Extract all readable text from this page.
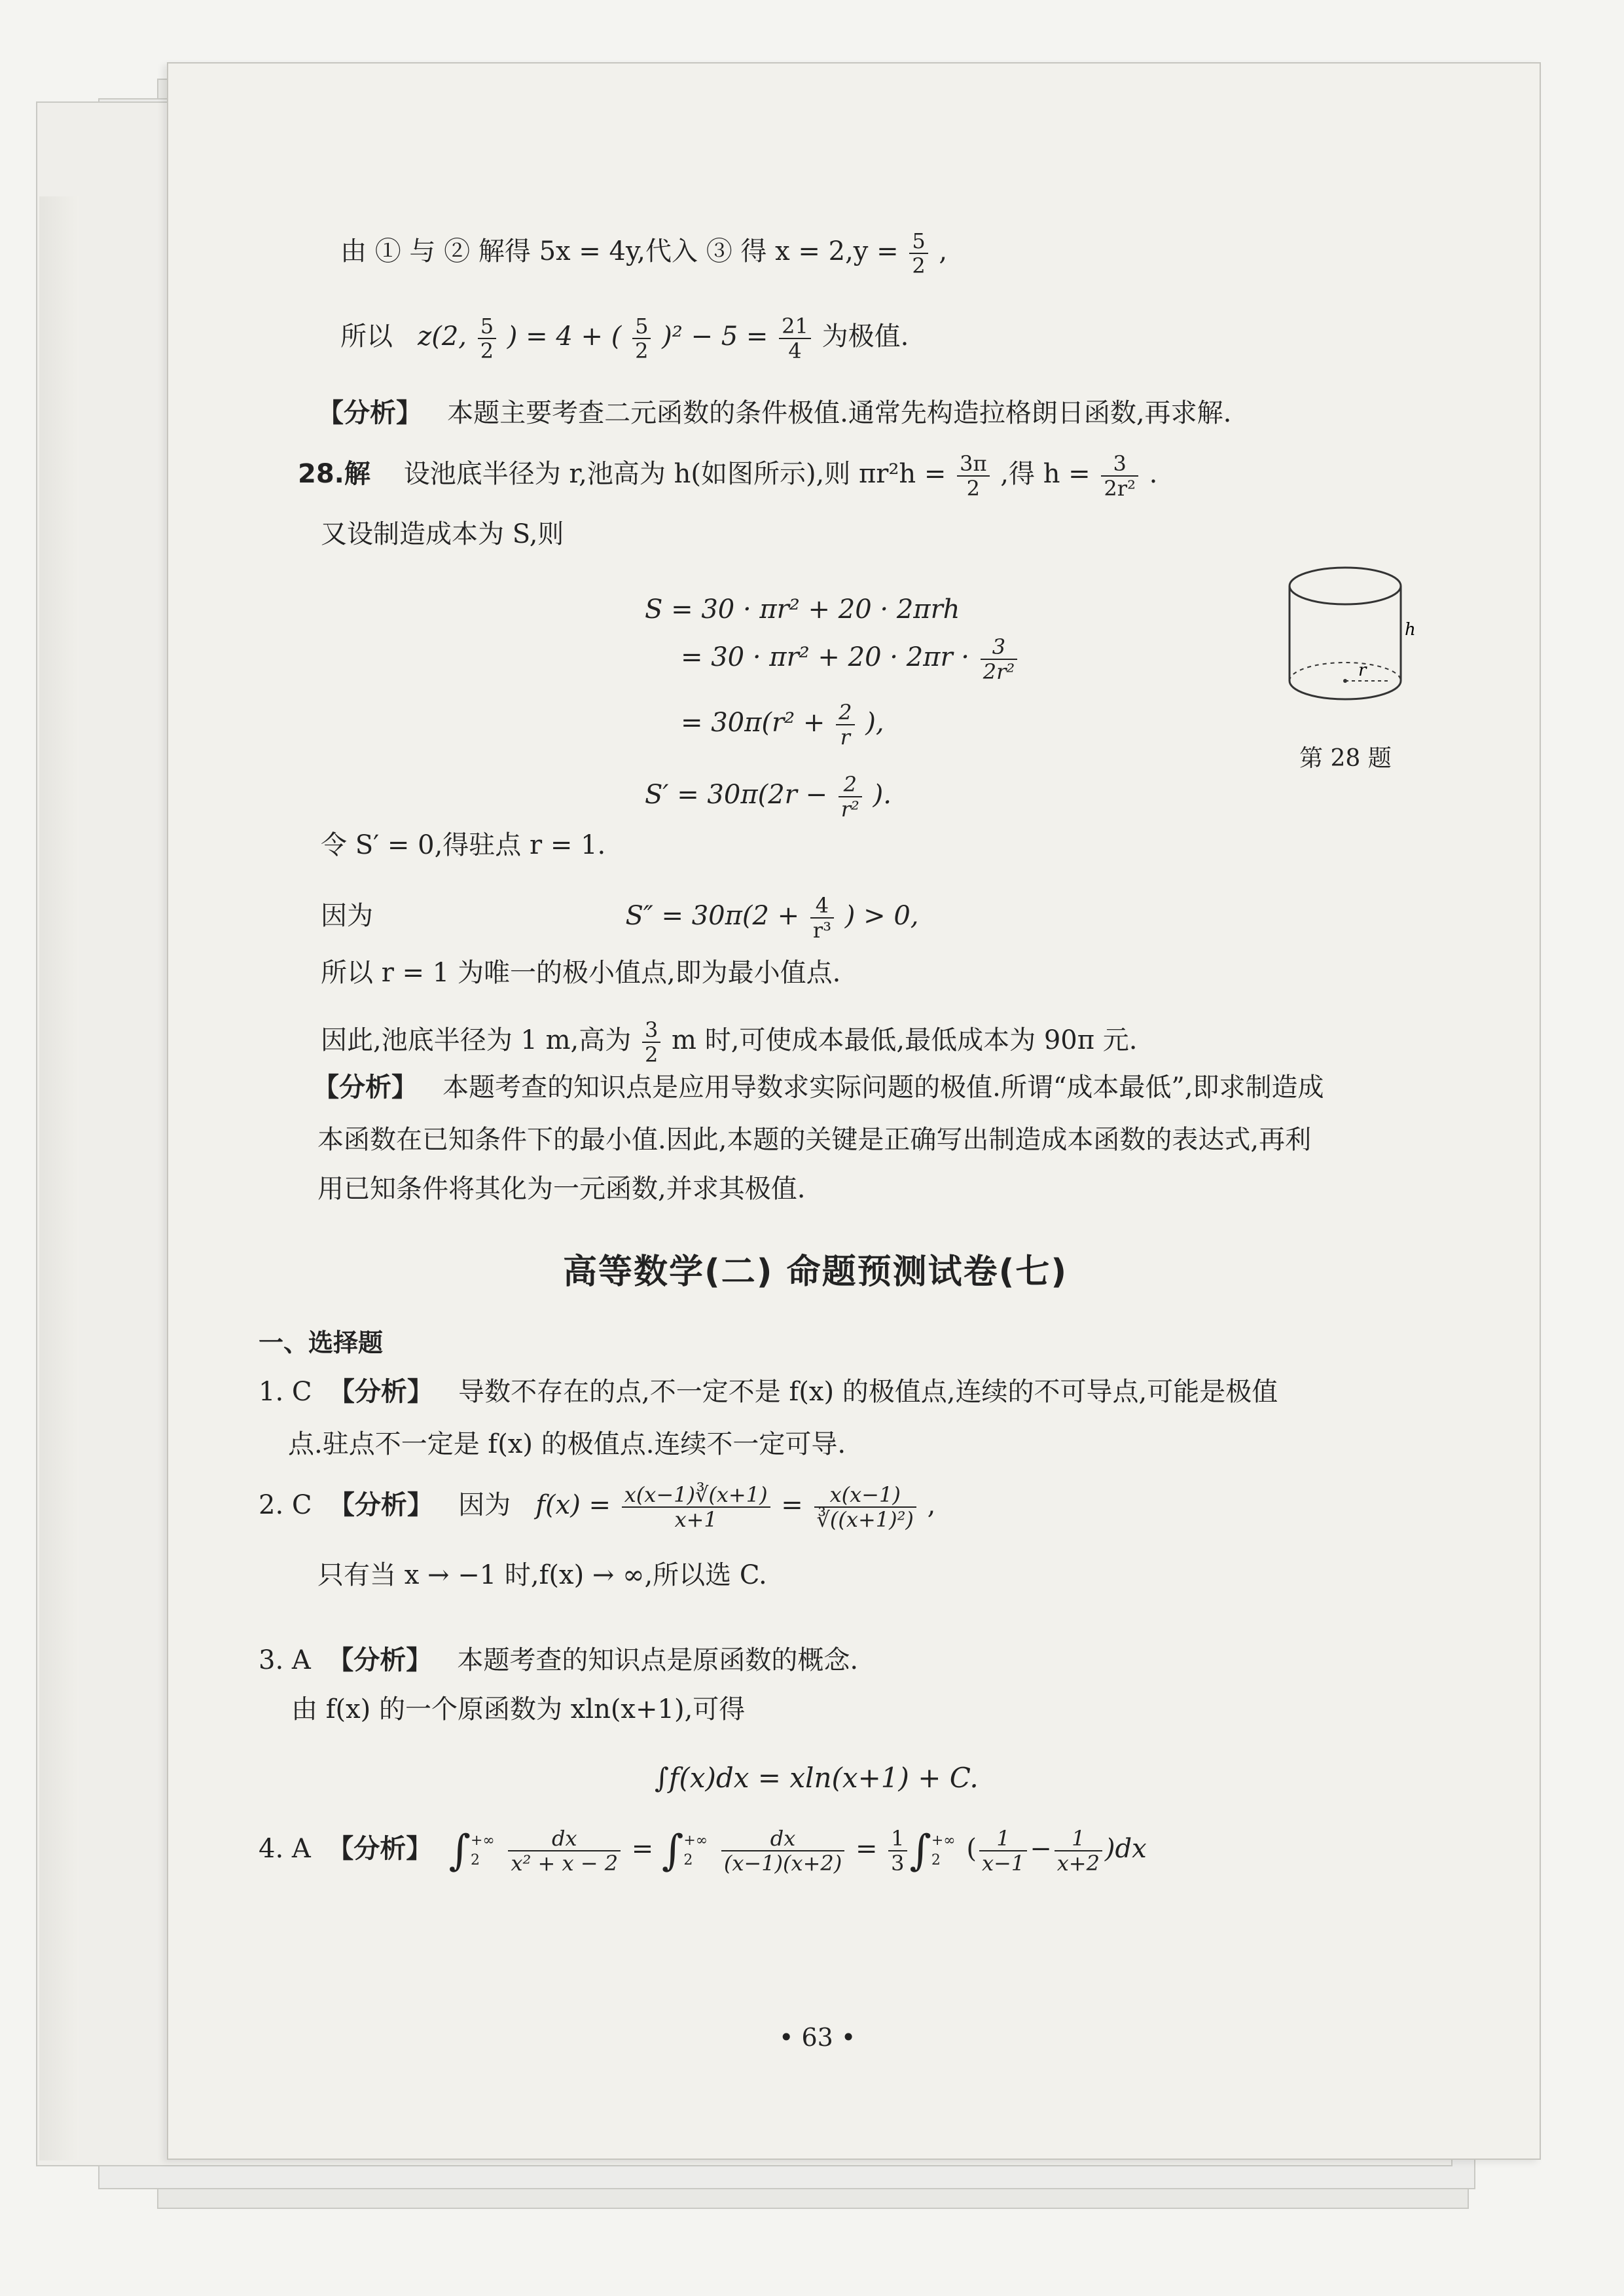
由 ① 与 ② 解得 5x = 4y,代入 ③ 得 $x = 2,y = \frac{5}{2}$ ,
所以 z(2, $\frac{5}{2}$ ) = 4 + ( $\frac{5}{2} )^2 - 5 = \frac{21}{4}$ 为极值.
【分析】 本题主要考查二元函数的条件极值.通常先构造拉格朗日函数,再求解.
28.解 设池底半径为 r,池高为 h(如图所示),则 $\pi r^2h = \frac{3\pi}{2}$ ,得 $h = \frac{3}{\text{2r²}}$ .
又设制造成本为 S,则
S = 30 · πr² + 20 · 2πrh
= $30 \cdot \pi r^2 + 20 \cdot 2\pi r \cdot \frac{3}{\text{2r²}}$
= $30\pi(r^2 + \frac{2}{r}$ ),
$S' = 30\pi(2r - \frac{2}{\text{r²}}$ ).
令 S′ = 0,得驻点 r = 1.
因为	$S'' = 30\pi(2 + \frac{4}{\text{r³}}$ ) > 0,
所以 r = 1 为唯一的极小值点,即为最小值点.
因此,池底半径为 1 m,高为 $\frac{3}{2}$ m 时,可使成本最低,最低成本为 90π 元.
【分析】 本题考查的知识点是应用导数求实际问题的极值.所谓“成本最低”,即求制造成
本函数在已知条件下的最小值.因此,本题的关键是正确写出制造成本函数的表达式,再利
用已知条件将其化为一元函数,并求其极值.
r
h
第 28 题
高等数学(二) 命题预测试卷(七)
一、选择题
1. C 【分析】 导数不存在的点,不一定不是 f(x) 的极值点,连续的不可导点,可能是极值
点.驻点不一定是 f(x) 的极值点.连续不一定可导.
2. C 【分析】 因为 $f(x) = \frac{x(x-1)∛(x+1)}{x+1} = \frac{x(x-1)}{\text{∛((x+1)²)}}$ ,
只有当 x → −1 时,f(x) → ∞,所以选 C.
3. A 【分析】 本题考查的知识点是原函数的概念.
由 f(x) 的一个原函数为 xln(x+1),可得
∫f(x)dx = xln(x+1) + C.
4. A 【分析】 ∫ +∞
2
	$\frac{dx}{\text{x² + x − 2}}$ = ∫ +∞
2
	$\frac{dx}{(x-1)(x+2)} = \frac{1}{3}$ ∫ +∞
2 ( $\frac{1}{x-1} - \frac{1}{x+2} )dx$
• 63 •
